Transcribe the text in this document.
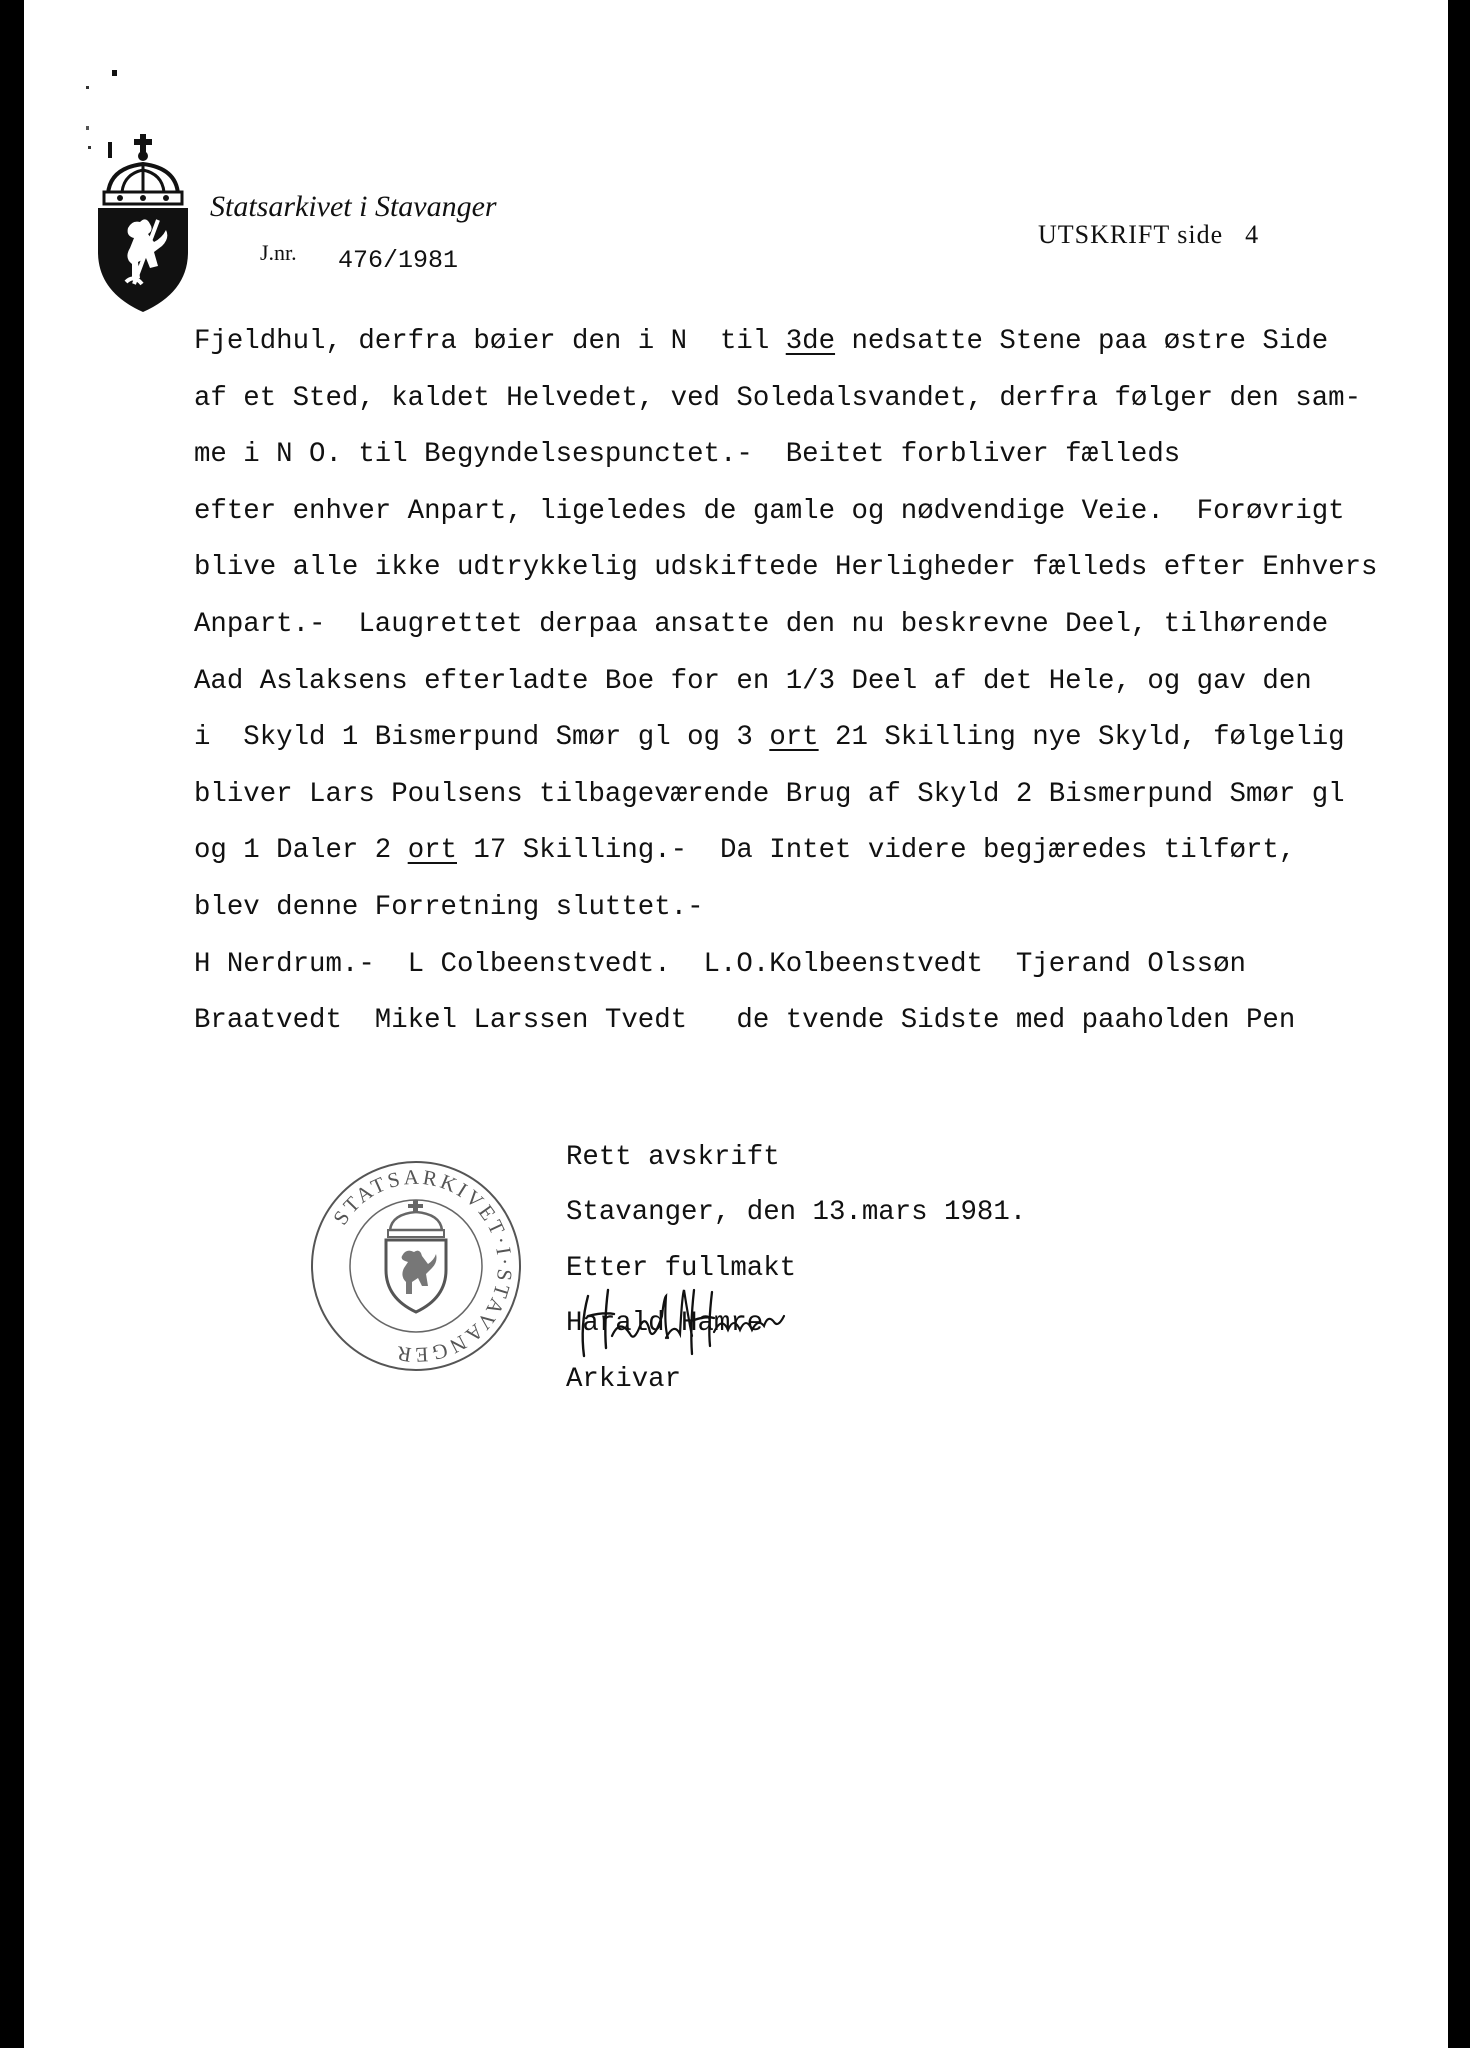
Statsarkivet i Stavanger
J.nr. 476/1981
UTSKRIFT side 4
Fjeldhul, derfra bøier den i N  til 3de nedsatte Stene paa østre Side
af et Sted, kaldet Helvedet, ved Soledalsvandet, derfra følger den sam-
me i N O. til Begyndelsespunctet.-  Beitet forbliver fælleds
efter enhver Anpart, ligeledes de gamle og nødvendige Veie.  Forøvrigt
blive alle ikke udtrykkelig udskiftede Herligheder fælleds efter Enhvers
Anpart.-  Laugrettet derpaa ansatte den nu beskrevne Deel, tilhørende
Aad Aslaksens efterladte Boe for en 1/3 Deel af det Hele, og gav den
i  Skyld 1 Bismerpund Smør gl og 3 ort 21 Skilling nye Skyld, følgelig
bliver Lars Poulsens tilbageværende Brug af Skyld 2 Bismerpund Smør gl
og 1 Daler 2 ort 17 Skilling.-  Da Intet videre begjæredes tilført,
blev denne Forretning sluttet.-
H Nerdrum.-  L Colbeenstvedt.  L.O.Kolbeenstvedt  Tjerand Olssøn
Braatvedt  Mikel Larssen Tvedt   de tvende Sidste med paaholden Pen
STATSARKIVET·I·STAVANGER
Rett avskrift
Stavanger, den 13.mars 1981.
Etter fullmakt
Harald Hamre
Arkivar
